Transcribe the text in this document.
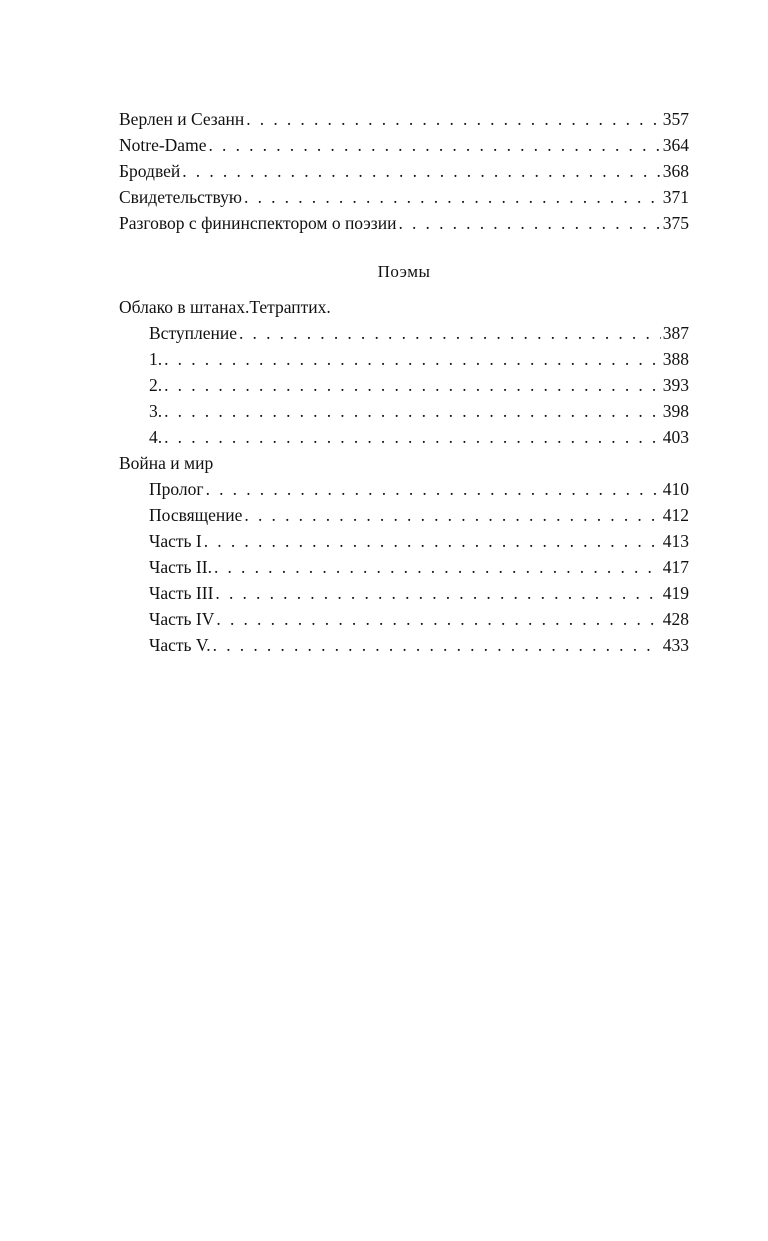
Верлен и Сезанн . . .	357
Notre-Dame . . .	364
Бродвей . . .	368
Свидетельствую . . .	371
Разговор с фининспектором о поэзии . . .	375
Поэмы
Облако в штанах.Тетраптих.
Вступление . . .	387
1. . . .	388
2. . . .	393
3. . . .	398
4. . . .	403
Война и мир
Пролог . . .	410
Посвящение . . .	412
Часть I . . .	413
Часть II. . . .	417
Часть III . . .	419
Часть IV . . .	428
Часть V. . . .	433
